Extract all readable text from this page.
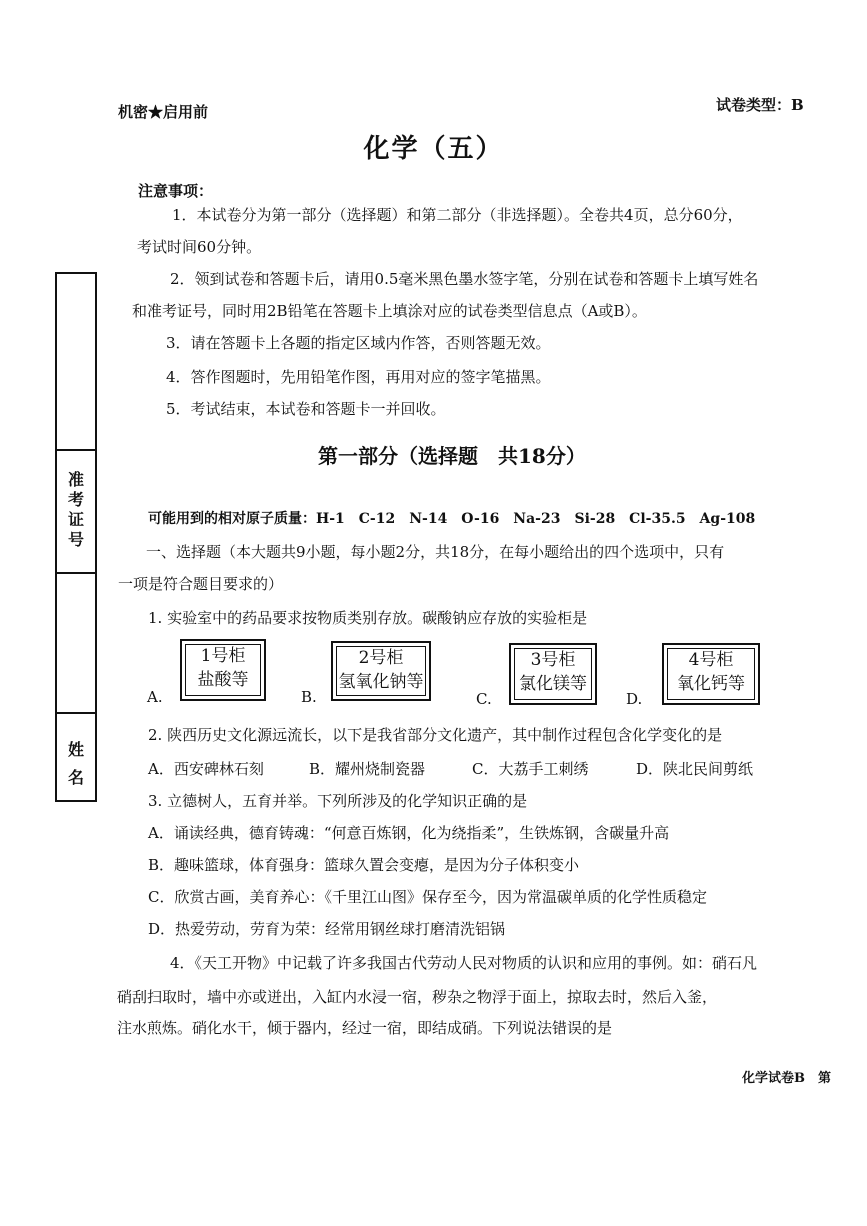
机密★启用前	试卷类型：B
化学（五）
注意事项：
1．本试卷分为第一部分（选择题）和第二部分（非选择题）。全卷共4页，总分60分，
考试时间60分钟。
2．领到试卷和答题卡后，请用0.5毫米黑色墨水签字笔，分别在试卷和答题卡上填写姓名
和准考证号，同时用2B铅笔在答题卡上填涂对应的试卷类型信息点（A或B）。
3．请在答题卡上各题的指定区域内作答，否则答题无效。
4．答作图题时，先用铅笔作图，再用对应的签字笔描黑。
5．考试结束，本试卷和答题卡一并回收。
准考证号
姓名
第一部分（选择题　共18分）
可能用到的相对原子质量：H-1　C-12　N-14　O-16　Na-23　Si-28　Cl-35.5　Ag-108
一、选择题（本大题共9小题，每小题2分，共18分，在每小题给出的四个选项中，只有
一项是符合题目要求的）
1. 实验室中的药品要求按物质类别存放。碳酸钠应存放的实验柜是
A.
1号柜
盐酸等
B.
2号柜
氢氧化钠等
C.
3号柜
氯化镁等
D.
4号柜
氧化钙等
2. 陕西历史文化源远流长，以下是我省部分文化遗产，其中制作过程包含化学变化的是
A．西安碑林石刻	B．耀州烧制瓷器	C．大荔手工刺绣	D．陕北民间剪纸
3. 立德树人，五育并举。下列所涉及的化学知识正确的是
A．诵读经典，德育铸魂：“何意百炼钢，化为绕指柔”，生铁炼钢，含碳量升高
B．趣味篮球，体育强身：篮球久置会变瘪，是因为分子体积变小
C．欣赏古画，美育养心：《千里江山图》保存至今，因为常温碳单质的化学性质稳定
D．热爱劳动，劳育为荣：经常用钢丝球打磨清洗铝锅
4．《天工开物》中记载了许多我国古代劳动人民对物质的认识和应用的事例。如：硝石凡
硝刮扫取时，墙中亦或迸出，入缸内水浸一宿，秽杂之物浮于面上，掠取去时，然后入釜，
注水煎炼。硝化水干，倾于器内，经过一宿，即结成硝。下列说法错误的是
化学试卷B　第
